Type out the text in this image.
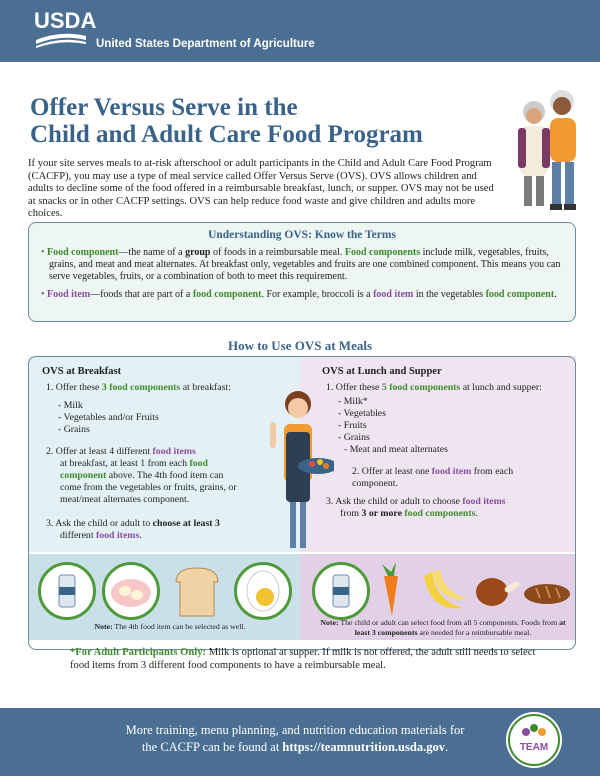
USDA
United States Department of Agriculture
Offer Versus Serve in the
Child and Adult Care Food Program
If your site serves meals to at-risk afterschool or adult participants in the Child and Adult Care Food Program (CACFP), you may use a type of meal service called Offer Versus Serve (OVS). OVS allows children and adults to decline some of the food offered in a reimbursable breakfast, lunch, or supper. OVS may not be used at snacks or in other CACFP settings. OVS can help reduce food waste and give children and adults more choices.
Understanding OVS: Know the Terms
• Food component—the name of a group of foods in a reimbursable meal. Food components include milk, vegetables, fruits, grains, and meat and meat alternates. At breakfast only, vegetables and fruits are one combined component. This means you can serve vegetables, fruits, or a combination of both to meet this requirement.
• Food item—foods that are part of a food component. For example, broccoli is a food item in the vegetables food component.
How to Use OVS at Meals
OVS at Breakfast
1. Offer these 3 food components at breakfast:
- Milk
- Vegetables and/or Fruits
- Grains
2. Offer at least 4 different food items
at breakfast, at least 1 from each food component above. The 4th food item can come from the vegetables or fruits, grains, or meat/meat alternates component.
3. Ask the child or adult to choose at least 3
different food items.
OVS at Lunch and Supper
1. Offer these 5 food components at lunch and supper:
- Milk*
- Vegetables
- Fruits
- Grains
- Meat and meat alternates
2. Offer at least one food item from each component.
3. Ask the child or adult to choose food items
from 3 or more food components.
Note: The 4th food item can be selected as well.	Note: The child or adult can select food from all 5 components. Foods from at least 3 components are needed for a reimbursable meal.
*For Adult Participants Only: Milk is optional at supper. If milk is not offered, the adult still needs to select food items from 3 different food components to have a reimbursable meal.
More training, menu planning, and nutrition education materials for
the CACFP can be found at https://teamnutrition.usda.gov.	TEAM
